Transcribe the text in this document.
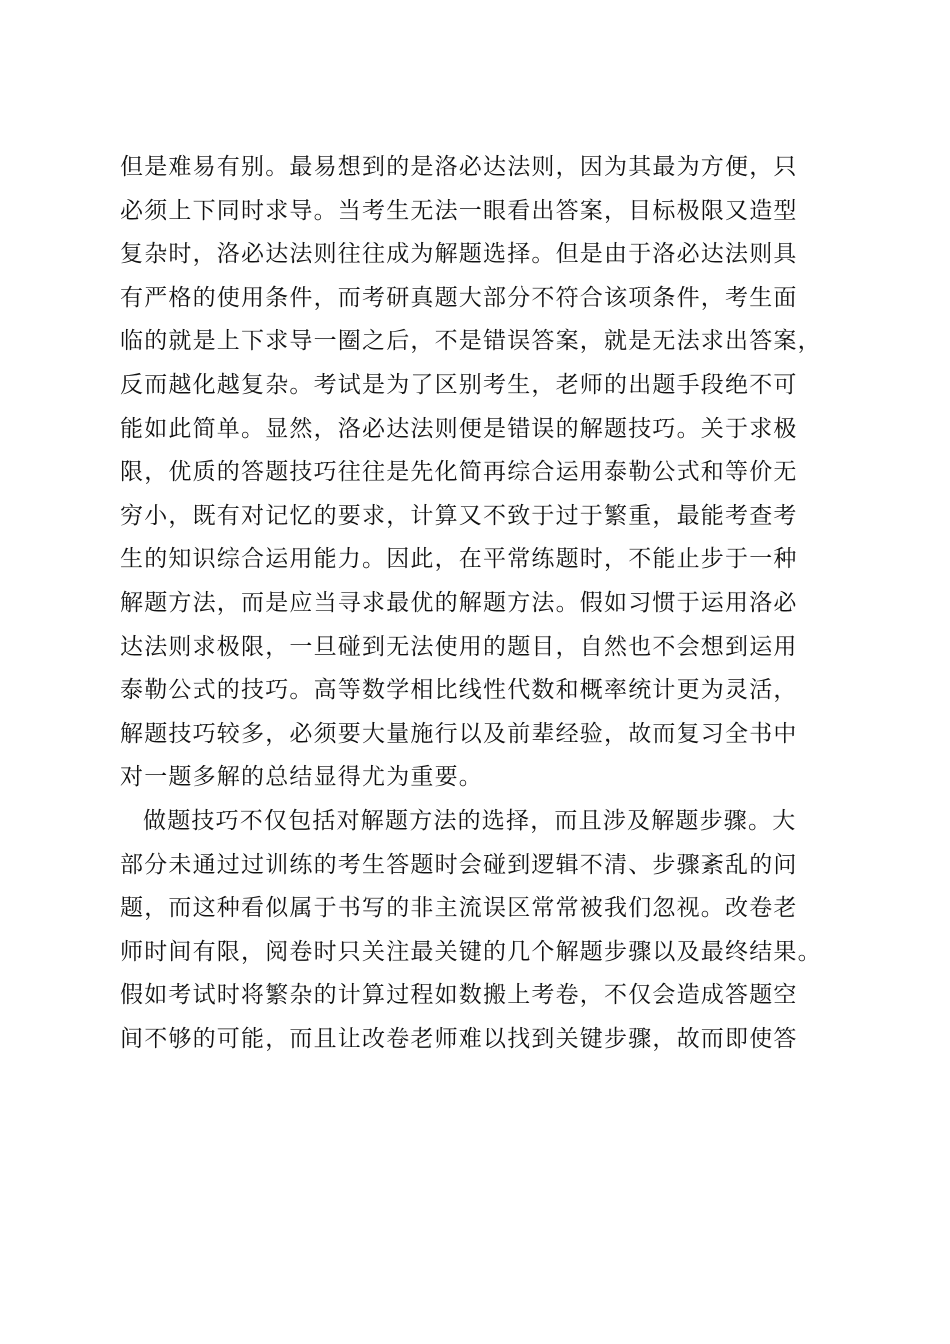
但是难易有别。最易想到的是洛必达法则，因为其最为方便，只
必须上下同时求导。当考生无法一眼看出答案，目标极限又造型
复杂时，洛必达法则往往成为解题选择。但是由于洛必达法则具
有严格的使用条件，而考研真题大部分不符合该项条件，考生面
临的就是上下求导一圈之后，不是错误答案，就是无法求出答案，
反而越化越复杂。考试是为了区别考生，老师的出题手段绝不可
能如此简单。显然，洛必达法则便是错误的解题技巧。关于求极
限，优质的答题技巧往往是先化简再综合运用泰勒公式和等价无
穷小，既有对记忆的要求，计算又不致于过于繁重，最能考查考
生的知识综合运用能力。因此，在平常练题时，不能止步于一种
解题方法，而是应当寻求最优的解题方法。假如习惯于运用洛必
达法则求极限，一旦碰到无法使用的题目，自然也不会想到运用
泰勒公式的技巧。高等数学相比线性代数和概率统计更为灵活，
解题技巧较多，必须要大量施行以及前辈经验，故而复习全书中
对一题多解的总结显得尤为重要。
做题技巧不仅包括对解题方法的选择，而且涉及解题步骤。大
部分未通过过训练的考生答题时会碰到逻辑不清、步骤紊乱的问
题，而这种看似属于书写的非主流误区常常被我们忽视。改卷老
师时间有限，阅卷时只关注最关键的几个解题步骤以及最终结果。
假如考试时将繁杂的计算过程如数搬上考卷，不仅会造成答题空
间不够的可能，而且让改卷老师难以找到关键步骤，故而即使答
